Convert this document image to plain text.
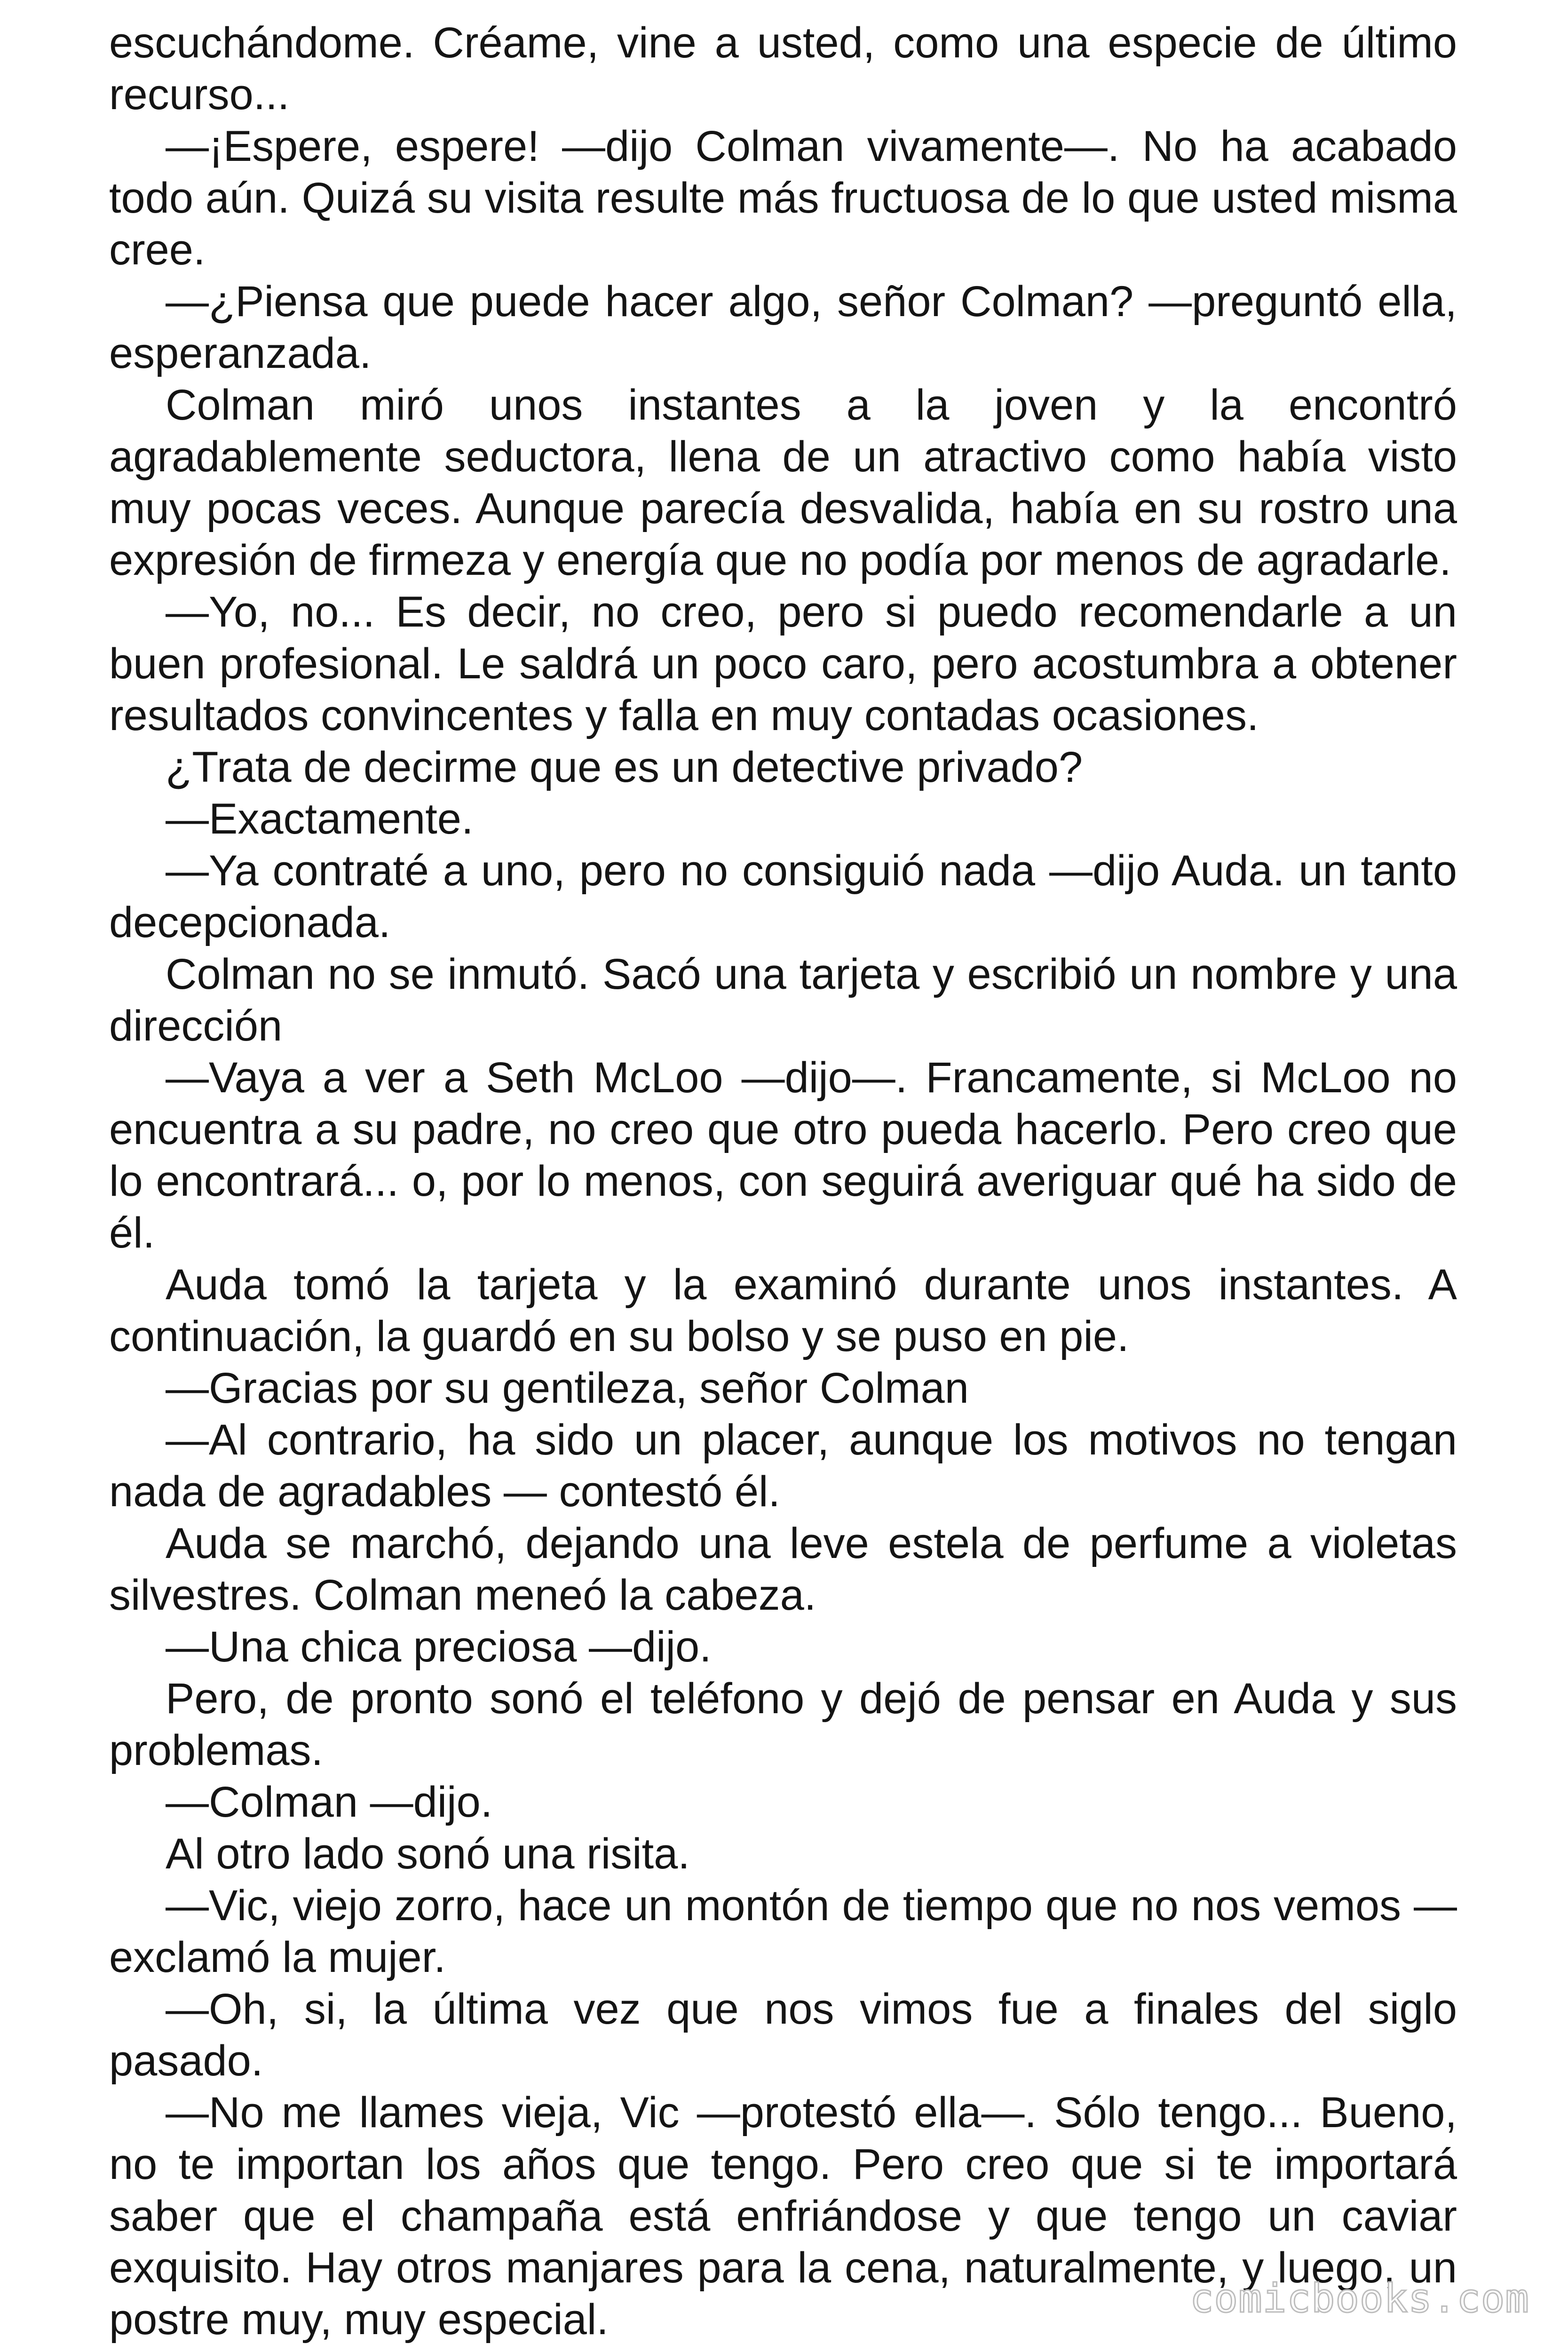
escuchándome. Créame, vine a usted, como una especie de último recurso...

—¡Espere, espere! —dijo Colman vivamente—. No ha acabado todo aún. Quizá su visita resulte más fructuosa de lo que usted misma cree.

—¿Piensa que puede hacer algo, señor Colman? —preguntó ella, esperanzada.

Colman miró unos instantes a la joven y la encontró agradablemente seductora, llena de un atractivo como había visto muy pocas veces. Aunque parecía desvalida, había en su rostro una expresión de firmeza y energía que no podía por menos de agradarle.

—Yo, no... Es decir, no creo, pero si puedo recomendarle a un buen profesional. Le saldrá un poco caro, pero acostumbra a obtener resultados convincentes y falla en muy contadas ocasiones.

¿Trata de decirme que es un detective privado?

—Exactamente.

—Ya contraté a uno, pero no consiguió nada —dijo Auda. un tanto decepcionada.

Colman no se inmutó. Sacó una tarjeta y escribió un nombre y una dirección

—Vaya a ver a Seth McLoo —dijo—. Francamente, si McLoo no encuentra a su padre, no creo que otro pueda hacerlo. Pero creo que lo encontrará... o, por lo menos, con seguirá averiguar qué ha sido de él.

Auda tomó la tarjeta y la examinó durante unos instantes. A continuación, la guardó en su bolso y se puso en pie.

—Gracias por su gentileza, señor Colman

—Al contrario, ha sido un placer, aunque los motivos no tengan nada de agradables — contestó él.

Auda se marchó, dejando una leve estela de perfume a violetas silvestres. Colman meneó la cabeza.

—Una chica preciosa —dijo.

Pero, de pronto sonó el teléfono y dejó de pensar en Auda y sus problemas.

—Colman —dijo.

Al otro lado sonó una risita.

—Vic, viejo zorro, hace un montón de tiempo que no nos vemos — exclamó la mujer.

—Oh, si, la última vez que nos vimos fue a finales del siglo pasado.

—No me llames vieja, Vic —protestó ella—. Sólo tengo... Bueno, no te importan los años que tengo. Pero creo que si te importará saber que el champaña está enfriándose y que tengo un caviar exquisito. Hay otros manjares para la cena, naturalmente, y luego, un postre muy, muy especial.	comicbooks.com
